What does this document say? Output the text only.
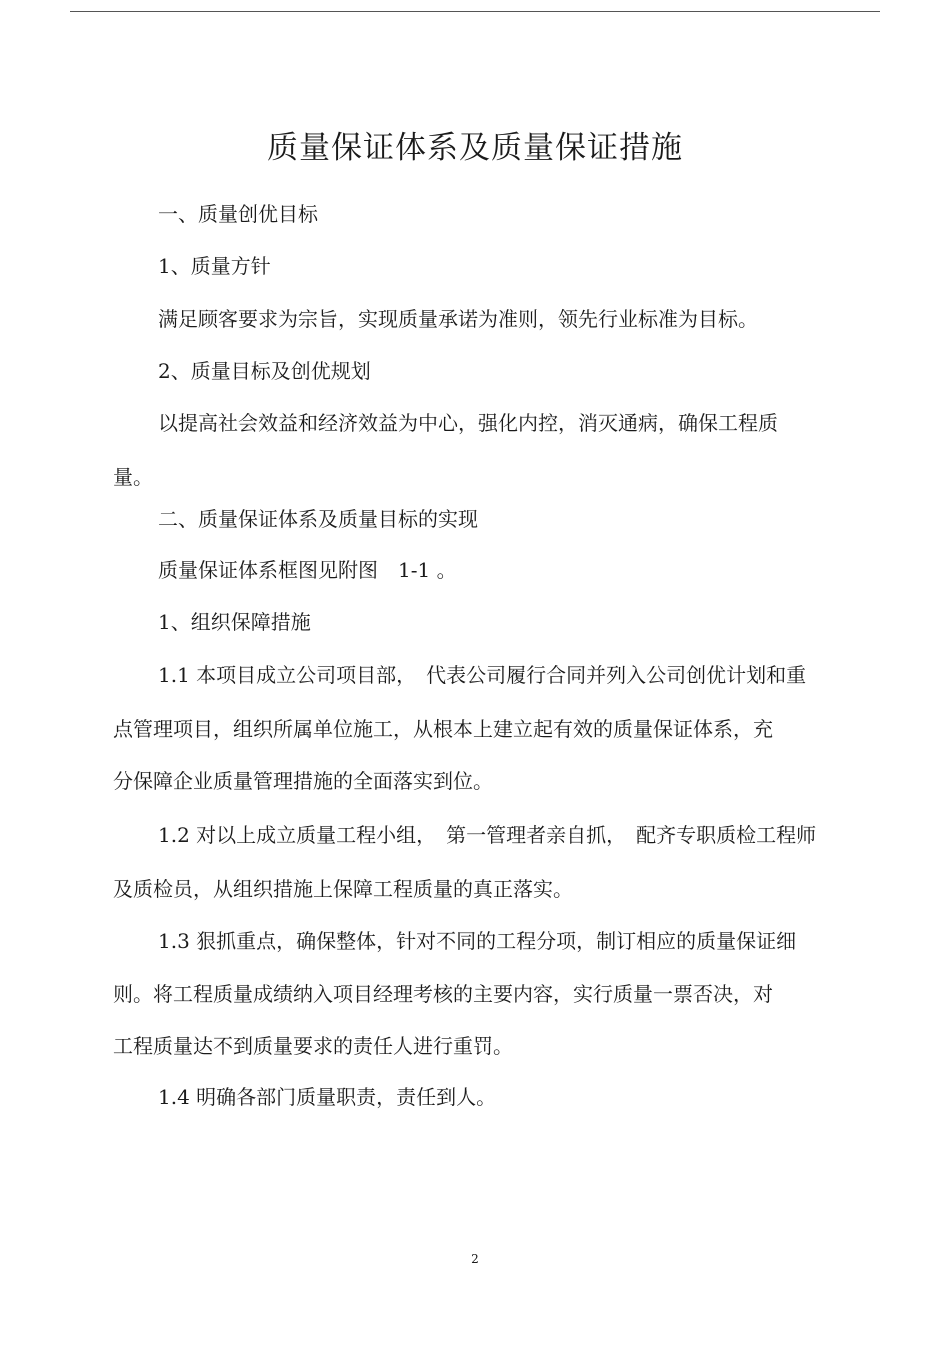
质量保证体系及质量保证措施
一、质量创优目标
1、质量方针
满足顾客要求为宗旨，实现质量承诺为准则，领先行业标准为目标。
2、质量目标及创优规划
以提高社会效益和经济效益为中心，强化内控，消灭通病，确保工程质
量。
二、质量保证体系及质量目标的实现
质量保证体系框图见附图　1-1 。
1、组织保障措施
1.1 本项目成立公司项目部，　代表公司履行合同并列入公司创优计划和重
点管理项目，组织所属单位施工，从根本上建立起有效的质量保证体系，充
分保障企业质量管理措施的全面落实到位。
1.2 对以上成立质量工程小组，　第一管理者亲自抓，　配齐专职质检工程师
及质检员，从组织措施上保障工程质量的真正落实。
1.3 狠抓重点，确保整体，针对不同的工程分项，制订相应的质量保证细
则。将工程质量成绩纳入项目经理考核的主要内容，实行质量一票否决，对
工程质量达不到质量要求的责任人进行重罚。
1.4 明确各部门质量职责，责任到人。
2
